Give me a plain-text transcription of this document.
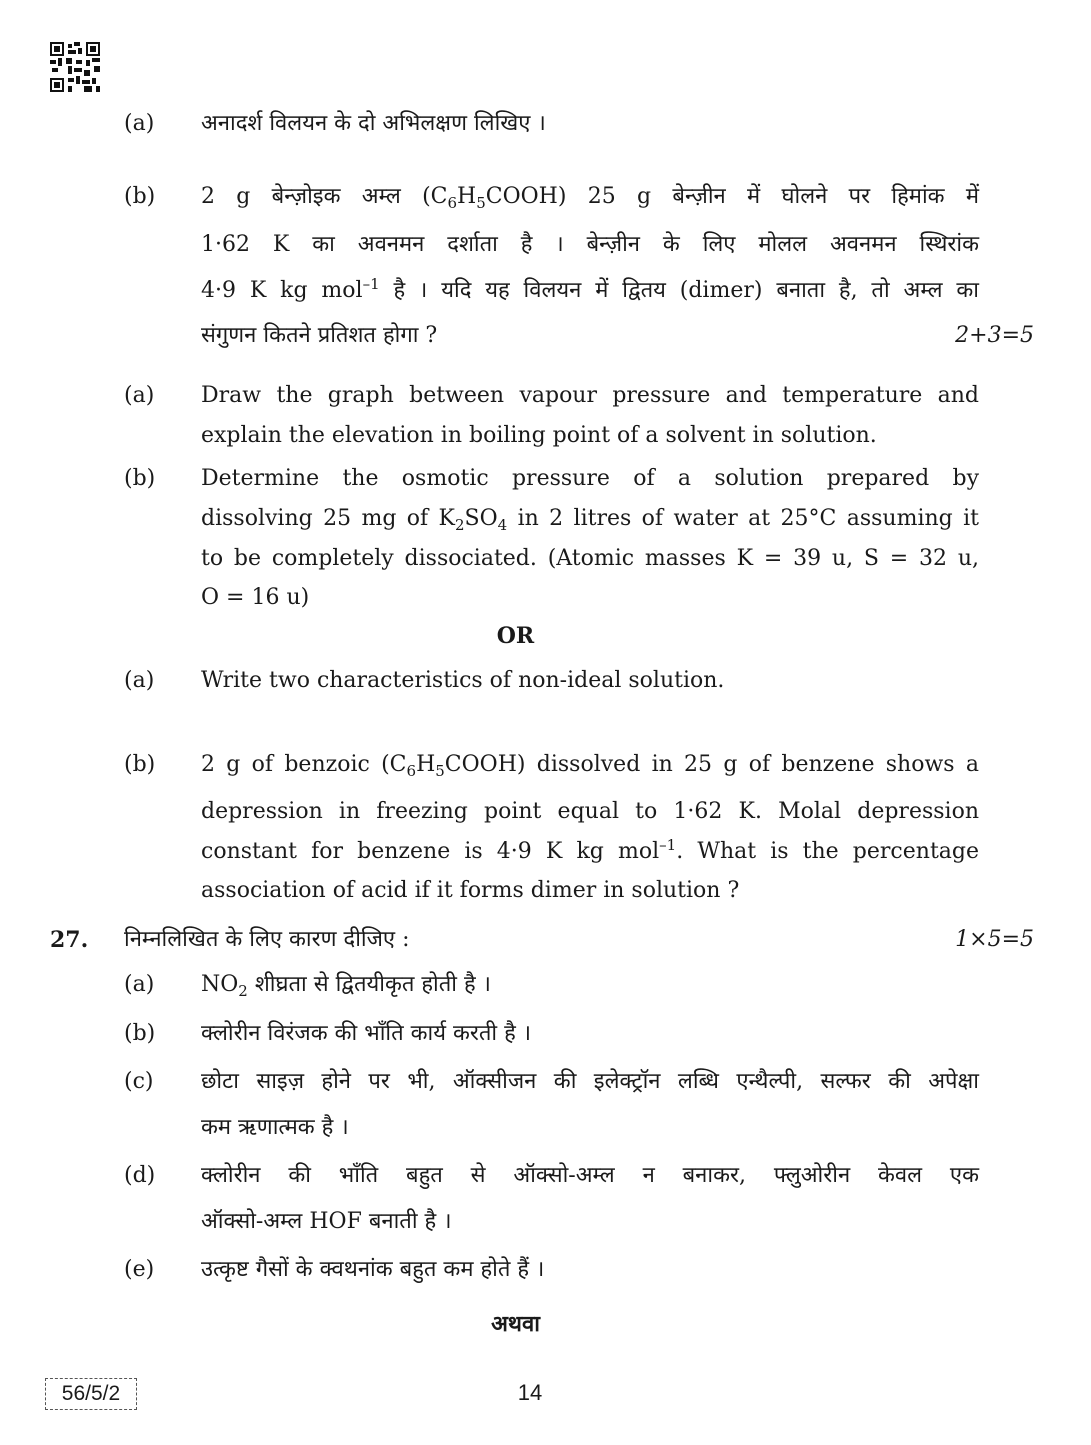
(a) अनादर्श विलयन के दो अभिलक्षण लिखिए ।
(b) 2 g बेन्ज़ोइक अम्ल $(C_6H_5COOH)$ 25 g बेन्ज़ीन में घोलने पर हिमांक में
1·62 K का अवनमन दर्शाता है । बेन्ज़ीन के लिए मोलल अवनमन स्थिरांक
4·9 K kg mol$^{-1}$ है । यदि यह विलयन में द्वितय (dimer) बनाता है, तो अम्ल का
संगुणन कितने प्रतिशत होगा ?	2+3=5
(a) Draw the graph between vapour pressure and temperature and
explain the elevation in boiling point of a solvent in solution.
(b) Determine the osmotic pressure of a solution prepared by
dissolving 25 mg of $K_2SO_4$ in 2 litres of water at 25°C assuming it
to be completely dissociated. (Atomic masses K = 39 u, S = 32 u,
O = 16 u)
OR
(a) Write two characteristics of non-ideal solution.
(b) 2 g of benzoic $(C_6H_5COOH)$ dissolved in 25 g of benzene shows a
depression in freezing point equal to 1·62 K. Molal depression
constant for benzene is 4·9 K kg mol$^{-1}$. What is the percentage
association of acid if it forms dimer in solution ?
27. निम्नलिखित के लिए कारण दीजिए :	1×5=5
(a) $NO_2$ शीघ्रता से द्वितयीकृत होती है ।
(b) क्लोरीन विरंजक की भाँति कार्य करती है ।
(c) छोटा साइज़ होने पर भी, ऑक्सीजन की इलेक्ट्रॉन लब्धि एन्थैल्पी, सल्फर की अपेक्षा
कम ऋणात्मक है ।
(d) क्लोरीन की भाँति बहुत से ऑक्सो-अम्ल न बनाकर, फ्लुओरीन केवल एक
ऑक्सो-अम्ल HOF बनाती है ।
(e) उत्कृष्ट गैसों के क्वथनांक बहुत कम होते हैं ।
अथवा
56/5/2	14
